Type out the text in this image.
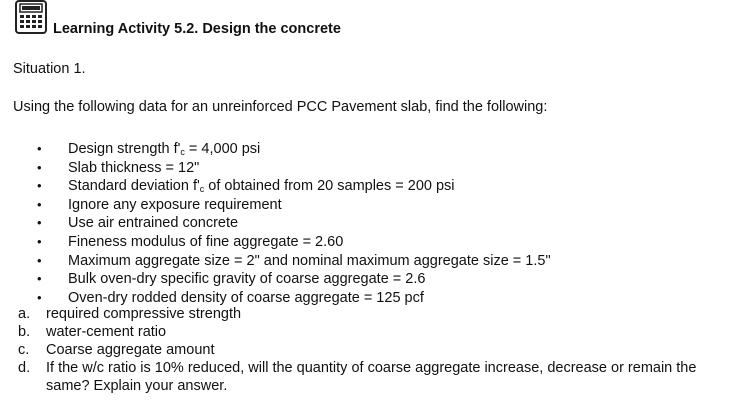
Learning Activity 5.2. Design the concrete
Situation 1.
Using the following data for an unreinforced PCC Pavement slab, find the following:
•	Design strength $f'_c = 4,000$ psi
•	Slab thickness = 12"
•	Standard deviation $f'_c$ of obtained from 20 samples = 200 psi
•	Ignore any exposure requirement
•	Use air entrained concrete
•	Fineness modulus of fine aggregate = 2.60
•	Maximum aggregate size = 2" and nominal maximum aggregate size = 1.5"
•	Bulk oven-dry specific gravity of coarse aggregate = 2.6
•	Oven-dry rodded density of coarse aggregate = 125 pcf
a. required compressive strength
b. water-cement ratio
c. Coarse aggregate amount
d. If the w/c ratio is 10% reduced, will the quantity of coarse aggregate increase, decrease or remain the same? Explain your answer.
